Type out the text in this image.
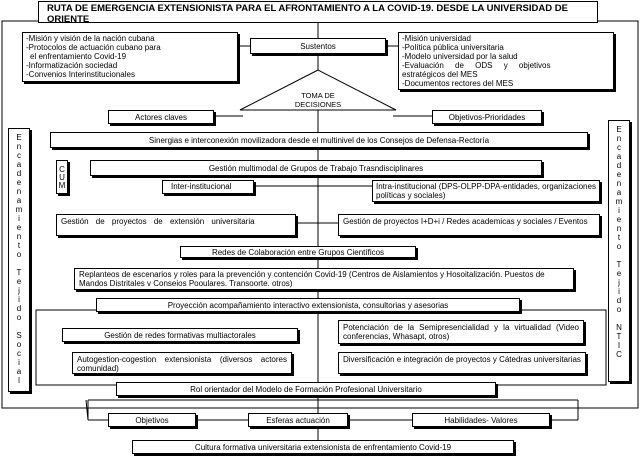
RUTA DE EMERGENCIA EXTENSIONISTA PARA EL AFRONTAMIENTO A LA COVID-19. DESDE LA UNIVERSIDAD DE ORIENTE
-Misión y visión de la nación cubana
-Protocolos de actuación cubano para
el enfrentamiento Covid-19
-Informatización sociedad
-Convenios Interinstitucionales
-Misión universidad
-Política pública universitaria
-Modelo universidad por la salud
-Evaluación de ODS y objetivos
estratégicos del MES
-Documentos rectores del MES
Sustentos
TOMA DE DECISIONES
Actores claves	Objetivos-Prioridades
Sinergias e interconexión movilizadora desde el multinivel de los Consejos de Defensa-Rectoría
CUM	Gestión multimodal de Grupos de Trabajo Trasndisciplinares
Inter-institucional	Intra-institucional (DPS-OLPP-DPA-entidades, organizaciones políticas y sociales)
Gestión de proyectos de extensión universitaria	Gestión de proyectos I+D+i / Redes academicas y sociales / Eventos
Redes de Colaboración entre Grupos Científicos
Replanteos de escenarios y roles para la prevención y contención Covid-19 (Centros de Aislamientos y Hosoitalización. Puestos de Mandos Distritales v Conseios Pooulares. Transoorte. otros)
Proyección acompañamiento interactivo extensionista, consultorias y asesorias
Gestión de redes formativas multiactorales
Potenciación de la Semipresencialidad y la virtualidad (Video conferencias, Whasapt, otros)
Autogestion-cogestion extensionista (diversos actores comunidad)
Diversificación e integración de proyectos y Cátedras universitarias
Rol orientador del Modelo de Formación Profesional Universitario
Objetivos	Esferas actuación	Habilidades- Valores
Cultura formativa universitaria extensionista de enfrentamiento Covid-19
E
n
c
a
d
e
n
a
m
i
e
n
t
o

T
e
j
i
d
o

S
o
c
i
a
l
E
n
c
a
d
e
n
a
m
i
e
n
t
o

T
e
j
i
d
o

N
T
I
C
